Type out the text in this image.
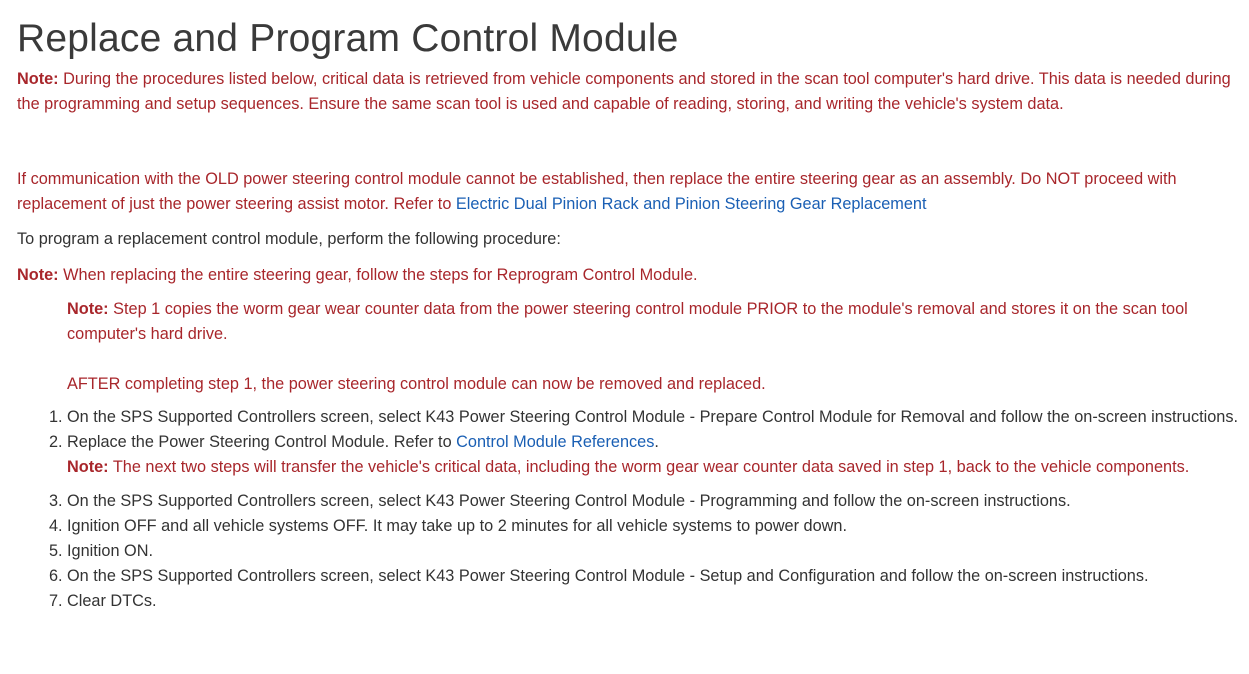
Replace and Program Control Module
Note: During the procedures listed below, critical data is retrieved from vehicle components and stored in the scan tool computer's hard drive. This data is needed during the programming and setup sequences. Ensure the same scan tool is used and capable of reading, storing, and writing the vehicle's system data.
If communication with the OLD power steering control module cannot be established, then replace the entire steering gear as an assembly. Do NOT proceed with replacement of just the power steering assist motor. Refer to Electric Dual Pinion Rack and Pinion Steering Gear Replacement
To program a replacement control module, perform the following procedure:
Note: When replacing the entire steering gear, follow the steps for Reprogram Control Module.
Note: Step 1 copies the worm gear wear counter data from the power steering control module PRIOR to the module's removal and stores it on the scan tool computer's hard drive.
AFTER completing step 1, the power steering control module can now be removed and replaced.
1. On the SPS Supported Controllers screen, select K43 Power Steering Control Module - Prepare Control Module for Removal and follow the on-screen instructions.
2. Replace the Power Steering Control Module. Refer to Control Module References.
Note: The next two steps will transfer the vehicle's critical data, including the worm gear wear counter data saved in step 1, back to the vehicle components.
3. On the SPS Supported Controllers screen, select K43 Power Steering Control Module - Programming and follow the on-screen instructions.
4. Ignition OFF and all vehicle systems OFF. It may take up to 2 minutes for all vehicle systems to power down.
5. Ignition ON.
6. On the SPS Supported Controllers screen, select K43 Power Steering Control Module - Setup and Configuration and follow the on-screen instructions.
7. Clear DTCs.
